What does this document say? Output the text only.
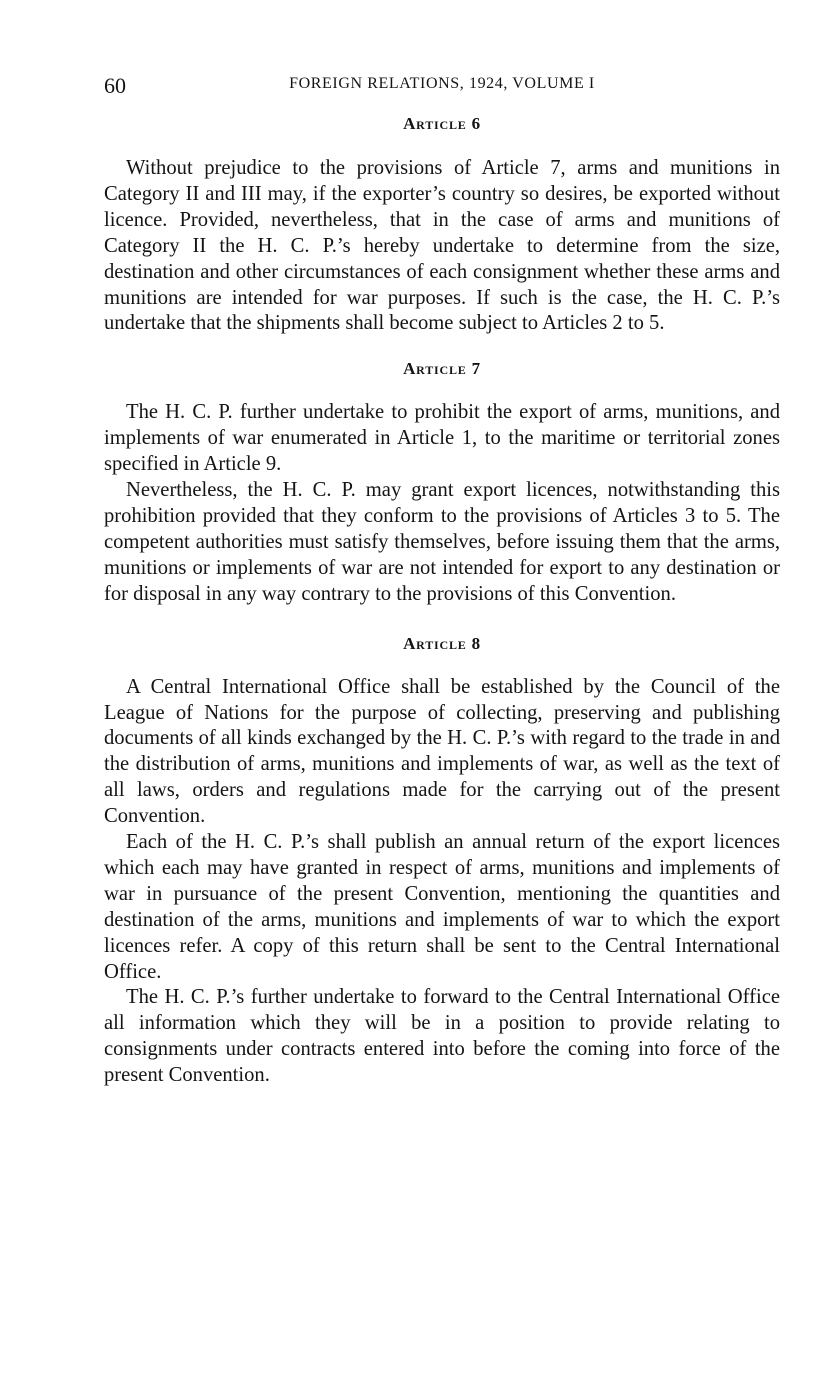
60	FOREIGN RELATIONS, 1924, VOLUME I
Article 6

Without prejudice to the provisions of Article 7, arms and munitions in Category II and III may, if the exporter’s country so desires, be exported without licence. Provided, nevertheless, that in the case of arms and munitions of Category II the H. C. P.’s hereby undertake to determine from the size, destination and other circumstances of each consignment whether these arms and munitions are intended for war purposes. If such is the case, the H. C. P.’s undertake that the shipments shall become subject to Articles 2 to 5.

Article 7

The H. C. P. further undertake to prohibit the export of arms, munitions, and implements of war enumerated in Article 1, to the maritime or territorial zones specified in Article 9.

Nevertheless, the H. C. P. may grant export licences, notwithstanding this prohibition provided that they conform to the provisions of Articles 3 to 5. The competent authorities must satisfy themselves, before issuing them that the arms, munitions or implements of war are not intended for export to any destination or for disposal in any way contrary to the provisions of this Convention.

Article 8

A Central International Office shall be established by the Council of the League of Nations for the purpose of collecting, preserving and publishing documents of all kinds exchanged by the H. C. P.’s with regard to the trade in and the distribution of arms, munitions and implements of war, as well as the text of all laws, orders and regulations made for the carrying out of the present Convention.

Each of the H. C. P.’s shall publish an annual return of the export licences which each may have granted in respect of arms, munitions and implements of war in pursuance of the present Convention, mentioning the quantities and destination of the arms, munitions and implements of war to which the export licences refer. A copy of this return shall be sent to the Central International Office.

The H. C. P.’s further undertake to forward to the Central International Office all information which they will be in a position to provide relating to consignments under contracts entered into before the coming into force of the present Convention.
